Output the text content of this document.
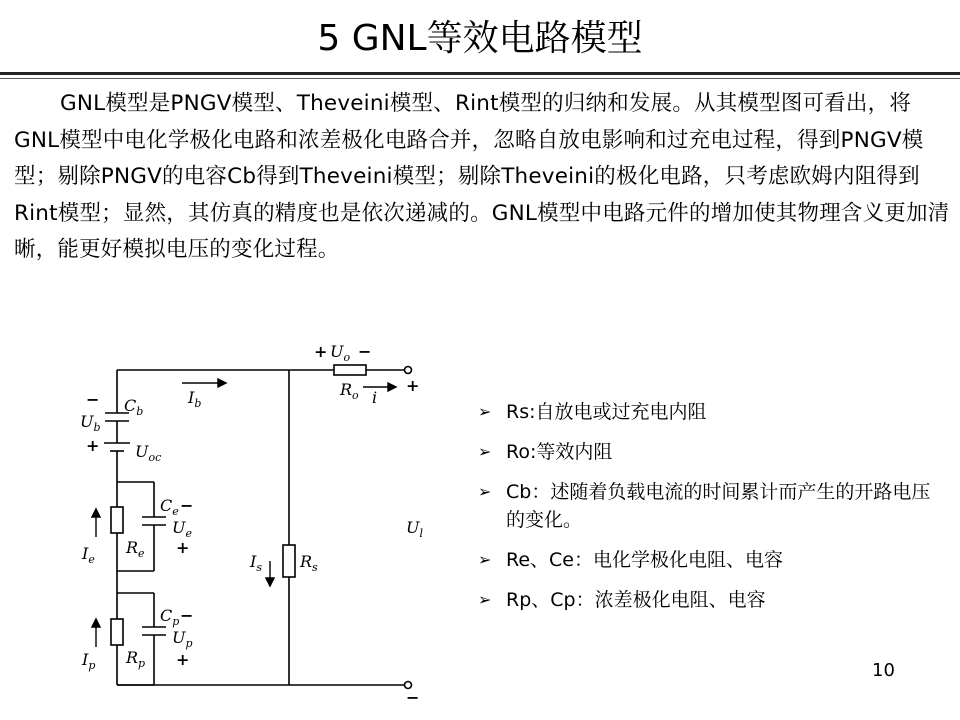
5 GNL等效电路模型
GNL模型是PNGV模型、Theveini模型、Rint模型的归纳和发展。从其模型图可看出，将GNL模型中电化学极化电路和浓差极化电路合并，忽略自放电影响和过充电过程，得到PNGV模型；剔除PNGV的电容Cb得到Theveini模型；剔除Theveini的极化电路，只考虑欧姆内阻得到Rint模型；显然，其仿真的精度也是依次递减的。GNL模型中电路元件的增加使其物理含义更加清晰，能更好模拟电压的变化过程。
$U_o$
$R_o$ i
$I_b$
$C_b$
$U_b$
$U_{oc}$
$C_e$
$U_e$
$R_e$
$I_e$	$I_s$ $R_s$
$U_l$
$C_p$
$U_p$
$R_p$
$I_p$
+ −
+
−
−
+
−
+
−
+
➢ Rs:自放电或过充电内阻
➢ Ro:等效内阻
➢ Cb：述随着负载电流的时间累计而产生的开路电压的变化。
➢ Re、Ce：电化学极化电阻、电容
➢ Rp、Cp：浓差极化电阻、电容
10
